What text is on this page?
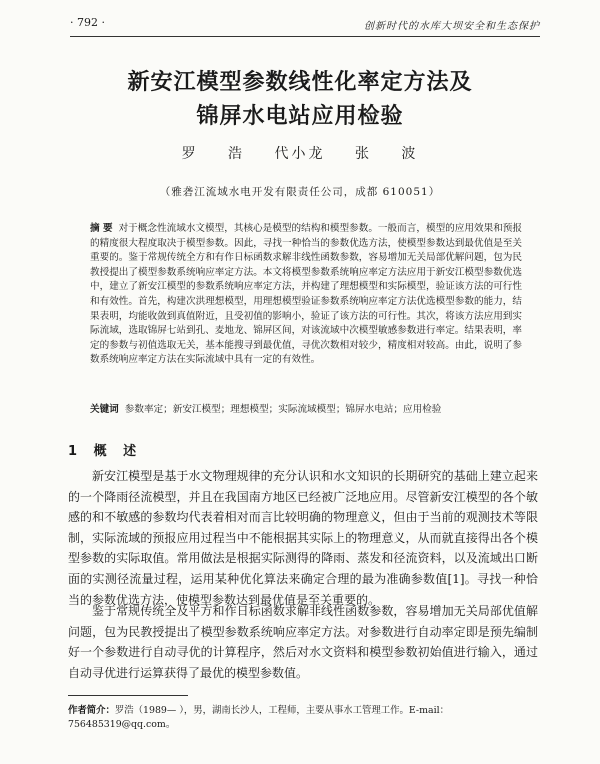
· 792 ·	创新时代的水库大坝安全和生态保护
新安江模型参数线性化率定方法及
锦屏水电站应用检验
罗 浩 代小龙 张 波
（雅砻江流域水电开发有限责任公司，成都 610051）
摘 要 对于概念性流域水文模型，其核心是模型的结构和模型参数。一般而言，模型的应用效果和预报的精度很大程度取决于模型参数。因此，寻找一种恰当的参数优选方法，使模型参数达到最优值是至关重要的。鉴于常规传统全方和有作日标函数求解非线性函数参数，容易增加无关局部优解问题，包为民教授提出了模型参数系统响应率定方法。本文将模型参数系统响应率定方法应用于新安江模型参数优选中，建立了新安江模型的参数系统响应率定方法，并构建了理想模型和实际模型，验证该方法的可行性和有效性。首先，构建次洪理想模型，用理想模型验证参数系统响应率定方法优选模型参数的能力，结果表明，均能收敛到真值附近，且受初值的影响小，验证了该方法的可行性。其次，将该方法应用到实际流域，选取锦屏七站到孔、麦地龙、锦屏区间，对该流域中次模型敏感参数进行率定。结果表明，率定的参数与初值选取无关，基本能搜寻到最优值，寻优次数相对较少，精度相对较高。由此，说明了参数系统响应率定方法在实际流域中具有一定的有效性。
关键词 参数率定；新安江模型；理想模型；实际流域模型；锦屏水电站；应用检验
1 概 述
新安江模型是基于水文物理规律的充分认识和水文知识的长期研究的基础上建立起来的一个降雨径流模型，并且在我国南方地区已经被广泛地应用。尽管新安江模型的各个敏感的和不敏感的参数均代表着相对而言比较明确的物理意义，但由于当前的观测技术等限制，实际流域的预报应用过程当中不能根据其实际上的物理意义，从而就直接得出各个模型参数的实际取值。常用做法是根据实际测得的降雨、蒸发和径流资料，以及流域出口断面的实测径流量过程，运用某种优化算法来确定合理的最为准确参数值[1]。寻找一种恰当的参数优选方法，使模型参数达到最优值是至关重要的。
鉴于常规传统全及平方和作日标函数求解非线性函数参数，容易增加无关局部优值解问题，包为民教授提出了模型参数系统响应率定方法。对参数进行自动率定即是预先编制好一个参数进行自动寻优的计算程序，然后对水文资料和模型参数初始值进行输入，通过自动寻优进行运算获得了最优的模型参数值。
作者简介：罗浩（1989— ），男，湖南长沙人，工程师，主要从事水工管理工作。E-mail：756485319@qq.com。
